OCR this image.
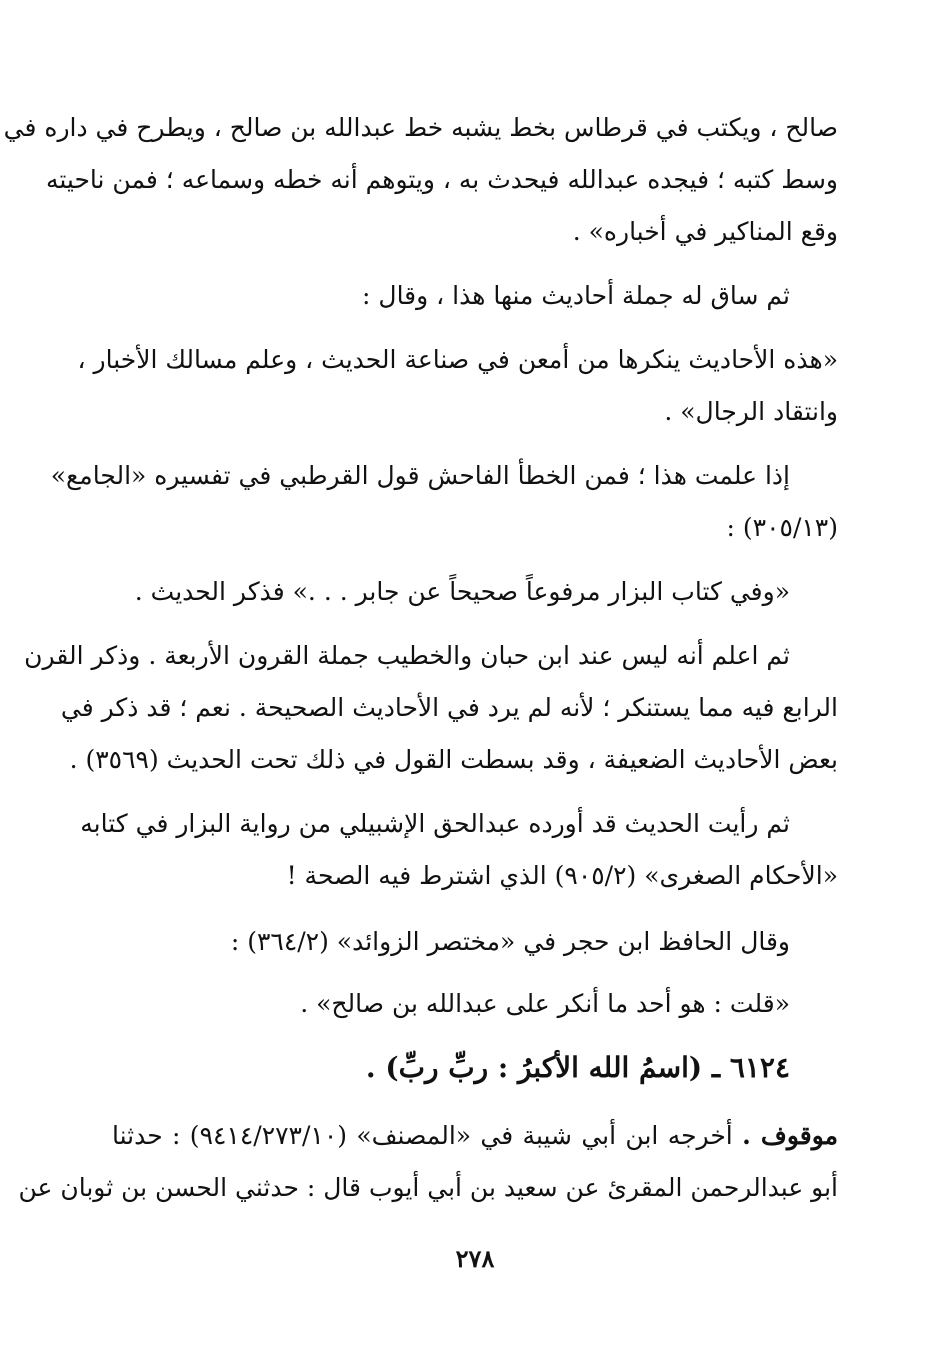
صالح ، ويكتب في قرطاس بخط يشبه خط عبدالله بن صالح ، ويطرح في داره في
وسط كتبه ؛ فيجده عبدالله فيحدث به ، ويتوهم أنه خطه وسماعه ؛ فمن ناحيته
وقع المناكير في أخباره» .
ثم ساق له جملة أحاديث منها هذا ، وقال :
«هذه الأحاديث ينكرها من أمعن في صناعة الحديث ، وعلم مسالك الأخبار ،
وانتقاد الرجال» .
إذا علمت هذا ؛ فمن الخطأ الفاحش قول القرطبي في تفسيره «الجامع»
(٣٠٥/١٣) :
«وفي كتاب البزار مرفوعاً صحيحاً عن جابر . . .» فذكر الحديث .
ثم اعلم أنه ليس عند ابن حبان والخطيب جملة القرون الأربعة . وذكر القرن
الرابع فيه مما يستنكر ؛ لأنه لم يرد في الأحاديث الصحيحة . نعم ؛ قد ذكر في
بعض الأحاديث الضعيفة ، وقد بسطت القول في ذلك تحت الحديث (٣٥٦٩) .
ثم رأيت الحديث قد أورده عبدالحق الإشبيلي من رواية البزار في كتابه
«الأحكام الصغرى» (٩٠٥/٢) الذي اشترط فيه الصحة !
وقال الحافظ ابن حجر في «مختصر الزوائد» (٣٦٤/٢) :
«قلت : هو أحد ما أنكر على عبدالله بن صالح» .
٦١٢٤ ـ (اسمُ الله الأكبرُ : ربِّ ربِّ) .
موقوف . أخرجه ابن أبي شيبة في «المصنف» (٩٤١٤/٢٧٣/١٠) : حدثنا
أبو عبدالرحمن المقرئ عن سعيد بن أبي أيوب قال : حدثني الحسن بن ثوبان عن
٢٧٨
